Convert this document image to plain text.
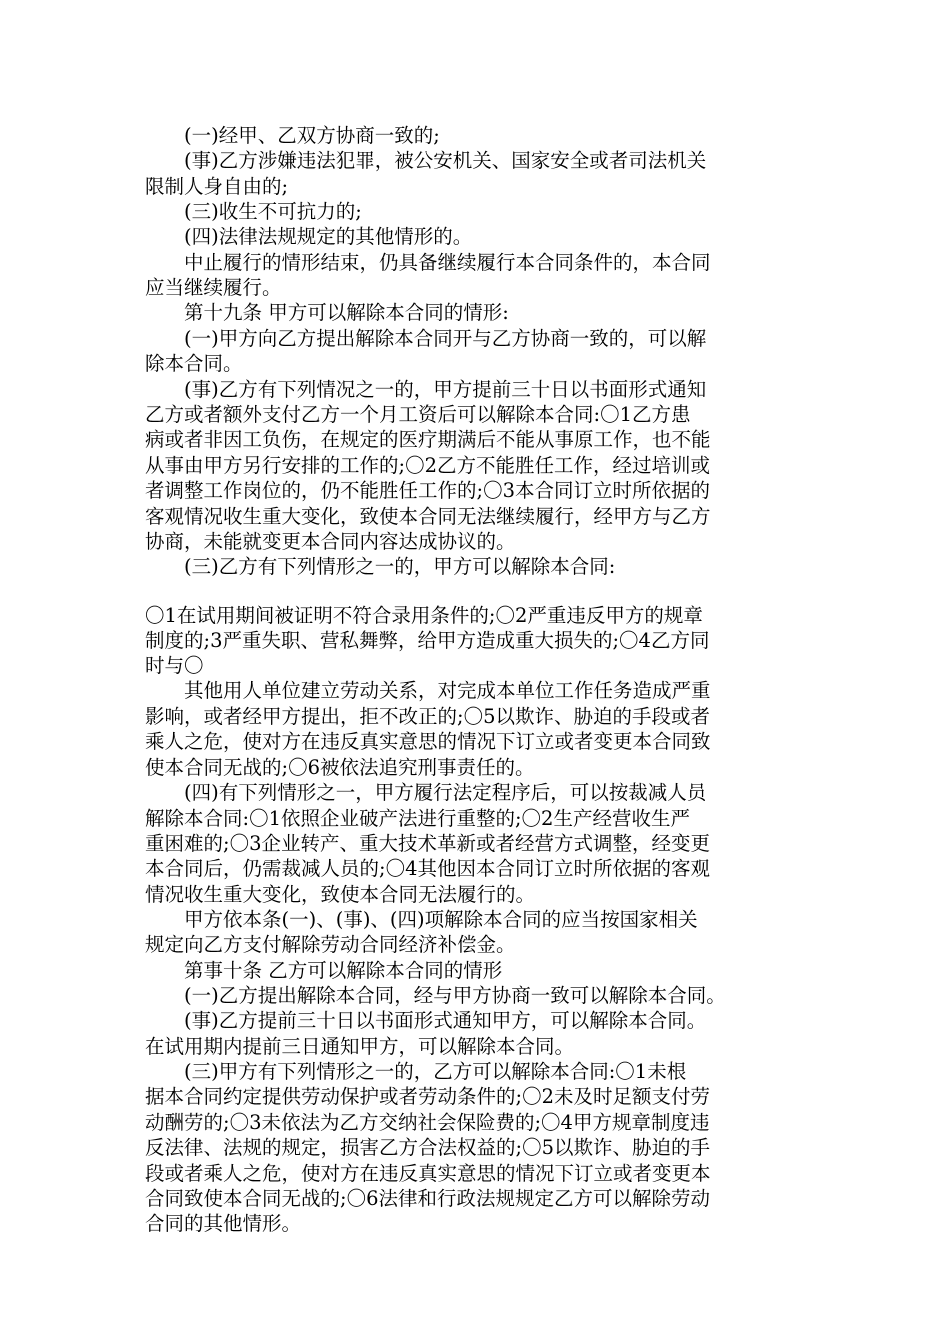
　　(一)经甲、乙双方协商一致的;
　　(事)乙方涉嫌违法犯罪，被公安机关、国家安全或者司法机关
限制人身自由的;
　　(三)收生不可抗力的;
　　(四)法律法规规定的其他情形的。
　　中止履行的情形结束，仍具备继续履行本合同条件的，本合同
应当继续履行。
　　第十九条 甲方可以解除本合同的情形:
　　(一)甲方向乙方提出解除本合同开与乙方协商一致的，可以解
除本合同。
　　(事)乙方有下列情况之一的，甲方提前三十日以书面形式通知
乙方或者额外支付乙方一个月工资后可以解除本合同:〇1乙方患
病或者非因工负伤，在规定的医疗期满后不能从事原工作，也不能
从事由甲方另行安排的工作的;〇2乙方不能胜任工作，经过培训或
者调整工作岗位的，仍不能胜任工作的;〇3本合同订立时所依据的
客观情况收生重大变化，致使本合同无法继续履行，经甲方与乙方
协商，未能就变更本合同内容达成协议的。
　　(三)乙方有下列情形之一的，甲方可以解除本合同:
〇1在试用期间被证明不符合录用条件的;〇2严重违反甲方的规章
制度的;3严重失职、营私舞弊，给甲方造成重大损失的;〇4乙方同
时与〇
　　其他用人单位建立劳动关系，对完成本单位工作任务造成严重
影响，或者经甲方提出，拒不改正的;〇5以欺诈、胁迫的手段或者
乘人之危，使对方在违反真实意思的情况下订立或者变更本合同致
使本合同无战的;〇6被依法追究刑事责任的。
　　(四)有下列情形之一，甲方履行法定程序后，可以按裁减人员
解除本合同:〇1依照企业破产法进行重整的;〇2生产经营收生严
重困难的;〇3企业转产、重大技术革新或者经营方式调整，经变更
本合同后，仍需裁减人员的;〇4其他因本合同订立时所依据的客观
情况收生重大变化，致使本合同无法履行的。
　　甲方依本条(一)、(事)、(四)项解除本合同的应当按国家相关
规定向乙方支付解除劳动合同经济补偿金。
　　第事十条 乙方可以解除本合同的情形
　　(一)乙方提出解除本合同，经与甲方协商一致可以解除本合同。
　　(事)乙方提前三十日以书面形式通知甲方，可以解除本合同。
在试用期内提前三日通知甲方，可以解除本合同。
　　(三)甲方有下列情形之一的，乙方可以解除本合同:〇1未根
据本合同约定提供劳动保护或者劳动条件的;〇2未及时足额支付劳
动酬劳的;〇3未依法为乙方交纳社会保险费的;〇4甲方规章制度违
反法律、法规的规定，损害乙方合法权益的;〇5以欺诈、胁迫的手
段或者乘人之危，使对方在违反真实意思的情况下订立或者变更本
合同致使本合同无战的;〇6法律和行政法规规定乙方可以解除劳动
合同的其他情形。
